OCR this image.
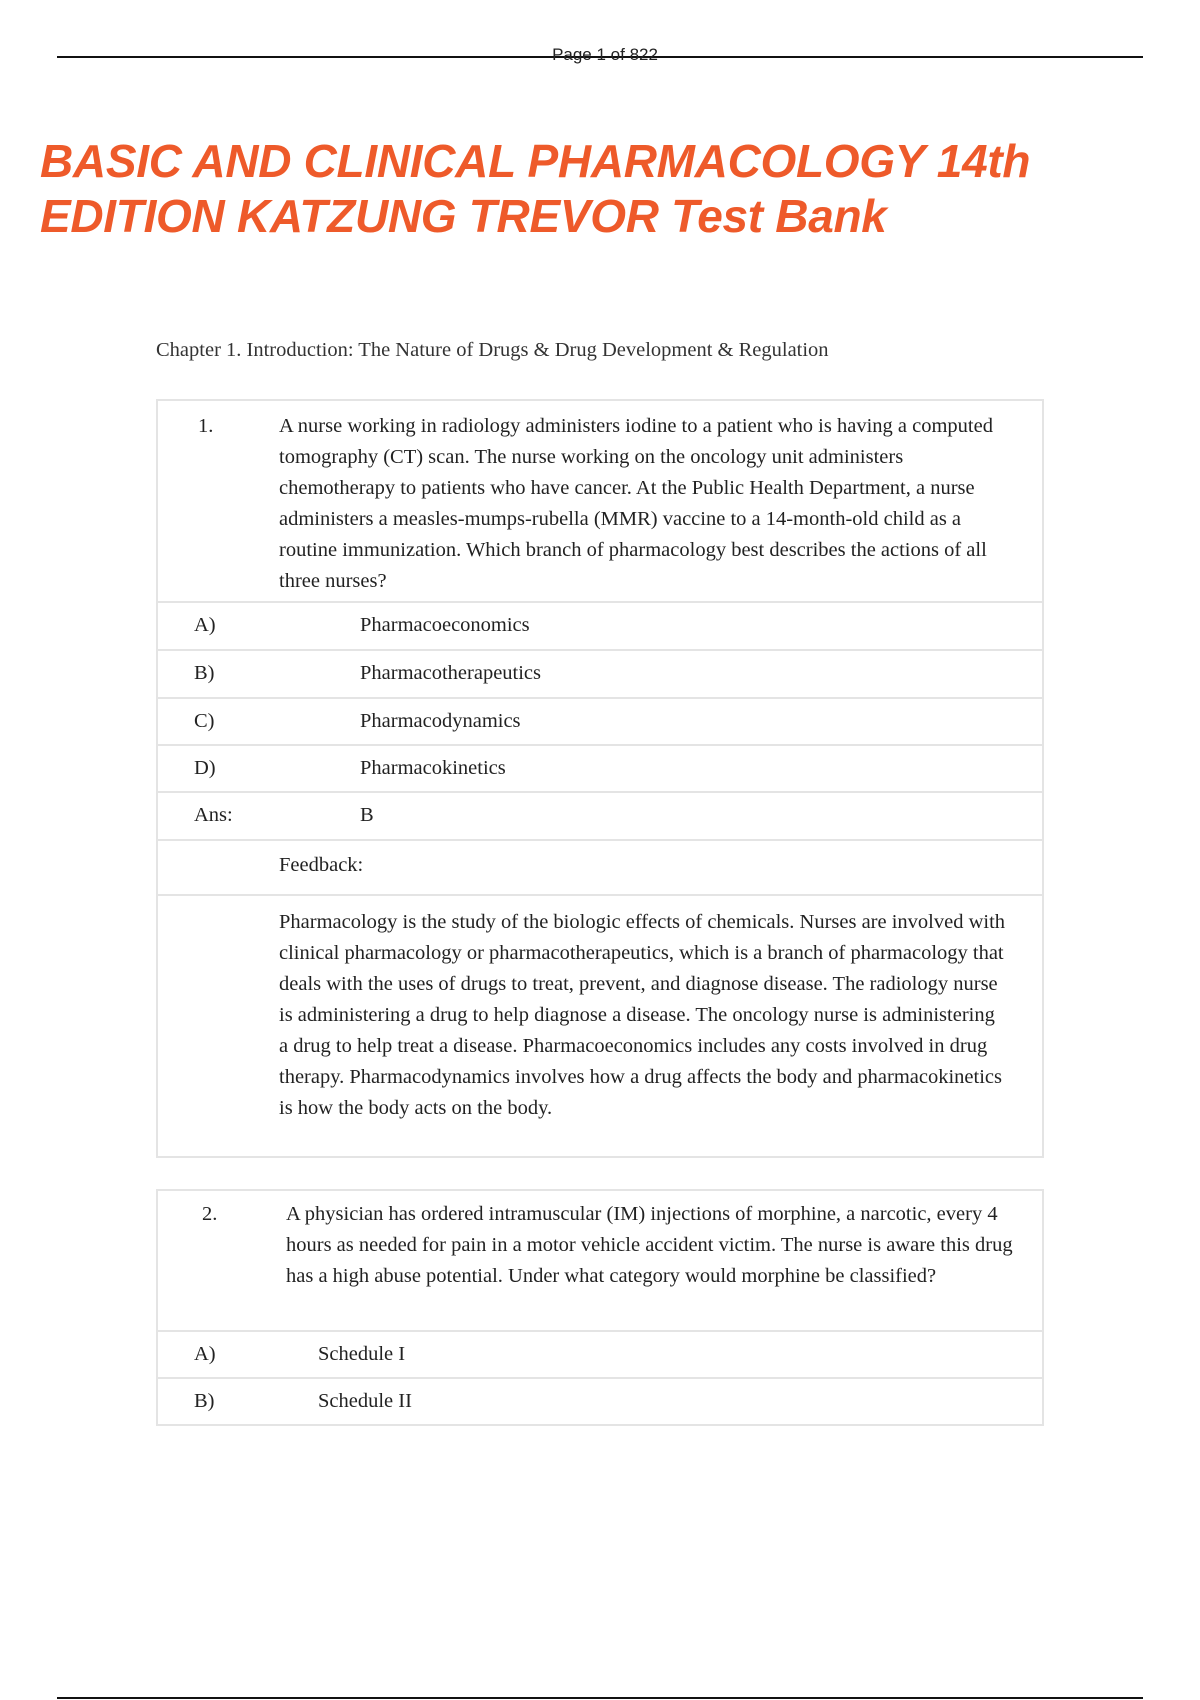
Page 1 of 822
BASIC AND CLINICAL PHARMACOLOGY 14th
EDITION KATZUNG TREVOR Test Bank
Chapter 1. Introduction: The Nature of Drugs & Drug Development & Regulation
1.	A nurse working in radiology administers iodine to a patient who is having a computed tomography (CT) scan. The nurse working on the oncology unit administers chemotherapy to patients who have cancer. At the Public Health Department, a nurse administers a measles-mumps-rubella (MMR) vaccine to a 14-month-old child as a routine immunization. Which branch of pharmacology best describes the actions of all three nurses?
A)	Pharmacoeconomics
B)	Pharmacotherapeutics
C)	Pharmacodynamics
D)	Pharmacokinetics
Ans:	B
Feedback:
Pharmacology is the study of the biologic effects of chemicals. Nurses are involved with clinical pharmacology or pharmacotherapeutics, which is a branch of pharmacology that deals with the uses of drugs to treat, prevent, and diagnose disease. The radiology nurse is administering a drug to help diagnose a disease. The oncology nurse is administering a drug to help treat a disease. Pharmacoeconomics includes any costs involved in drug therapy. Pharmacodynamics involves how a drug affects the body and pharmacokinetics is how the body acts on the body.
2.	A physician has ordered intramuscular (IM) injections of morphine, a narcotic, every 4 hours as needed for pain in a motor vehicle accident victim. The nurse is aware this drug has a high abuse potential. Under what category would morphine be classified?
A)	Schedule I
B)	Schedule II
